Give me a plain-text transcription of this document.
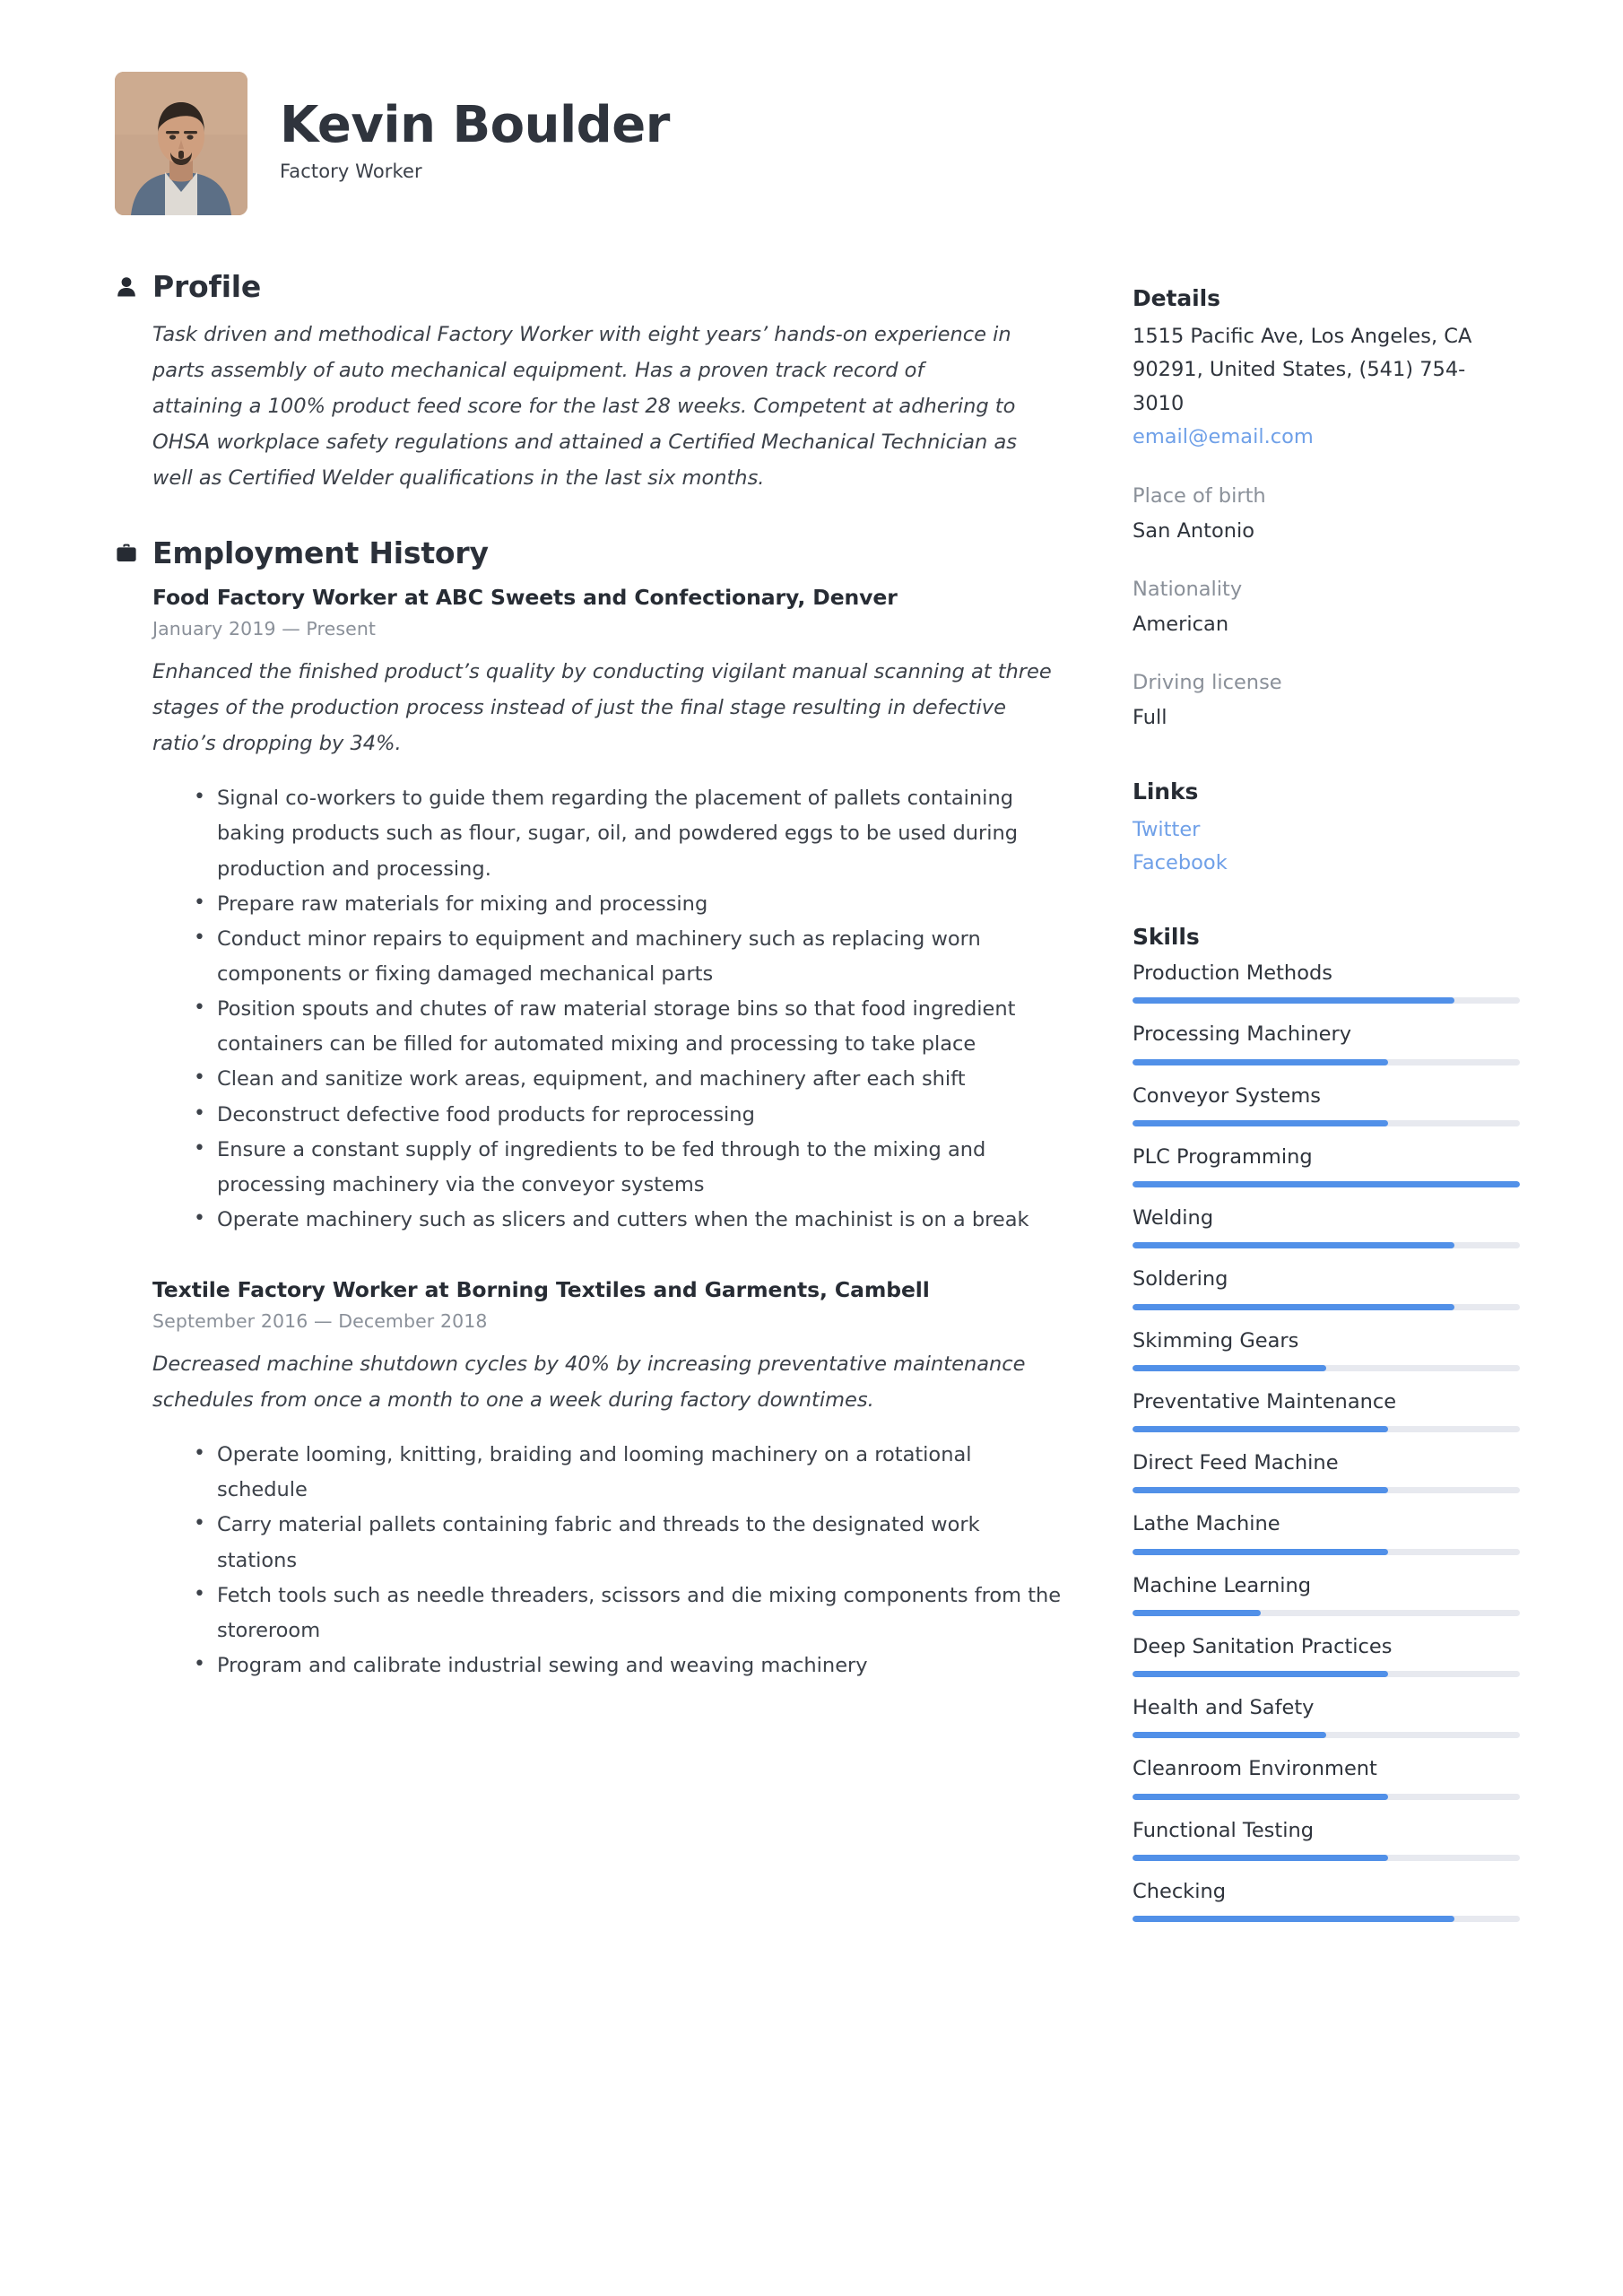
Kevin Boulder
Factory Worker
Profile
Task driven and methodical Factory Worker with eight years’ hands-on experience in parts assembly of auto mechanical equipment. Has a proven track record of attaining a 100% product feed score for the last 28 weeks. Competent at adhering to OHSA workplace safety regulations and attained a Certified Mechanical Technician as well as Certified Welder qualifications in the last six months.
Employment History
Food Factory Worker at ABC Sweets and Confectionary, Denver
January 2019 — Present
Enhanced the finished product’s quality by conducting vigilant manual scanning at three stages of the production process instead of just the final stage resulting in defective ratio’s dropping by 34%.
• Signal co-workers to guide them regarding the placement of pallets containing baking products such as flour, sugar, oil, and powdered eggs to be used during production and processing.
• Prepare raw materials for mixing and processing
• Conduct minor repairs to equipment and machinery such as replacing worn components or fixing damaged mechanical parts
• Position spouts and chutes of raw material storage bins so that food ingredient containers can be filled for automated mixing and processing to take place
• Clean and sanitize work areas, equipment, and machinery after each shift
• Deconstruct defective food products for reprocessing
• Ensure a constant supply of ingredients to be fed through to the mixing and processing machinery via the conveyor systems
• Operate machinery such as slicers and cutters when the machinist is on a break
Textile Factory Worker at Borning Textiles and Garments, Cambell
September 2016 — December 2018
Decreased machine shutdown cycles by 40% by increasing preventative maintenance schedules from once a month to one a week during factory downtimes.
• Operate looming, knitting, braiding and looming machinery on a rotational schedule
• Carry material pallets containing fabric and threads to the designated work stations
• Fetch tools such as needle threaders, scissors and die mixing components from the storeroom
• Program and calibrate industrial sewing and weaving machinery
Details
1515 Pacific Ave, Los Angeles, CA 90291, United States, (541) 754-3010
email@email.com
Place of birth
San Antonio
Nationality
American
Driving license
Full
Links
Twitter
Facebook
Skills
Production Methods
Processing Machinery
Conveyor Systems
PLC Programming
Welding
Soldering
Skimming Gears
Preventative Maintenance
Direct Feed Machine
Lathe Machine
Machine Learning
Deep Sanitation Practices
Health and Safety
Cleanroom Environment
Functional Testing
Checking
